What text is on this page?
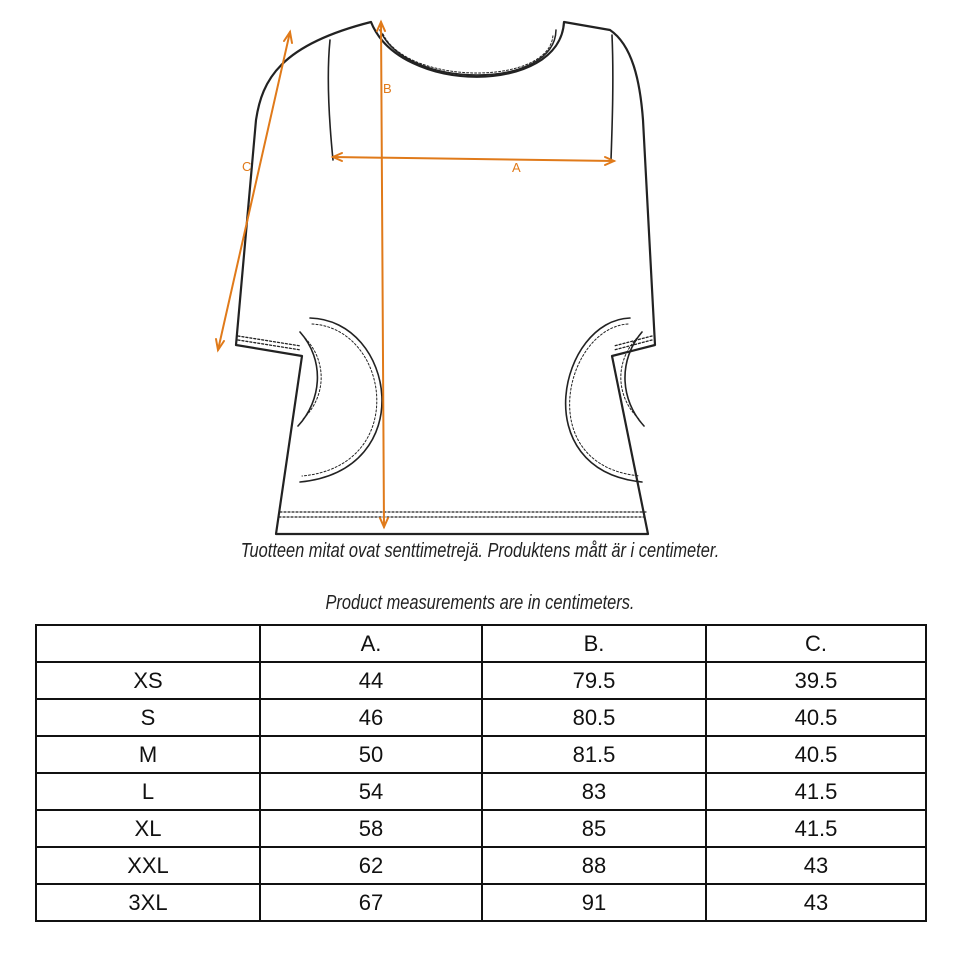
A
B
C
Tuotteen mitat ovat senttimetrejä. Produktens mått är i centimeter.
Product measurements are in centimeters.
	A.	B.	C.
XS	44	79.5	39.5
S	46	80.5	40.5
M	50	81.5	40.5
L	54	83	41.5
XL	58	85	41.5
XXL	62	88	43
3XL	67	91	43
